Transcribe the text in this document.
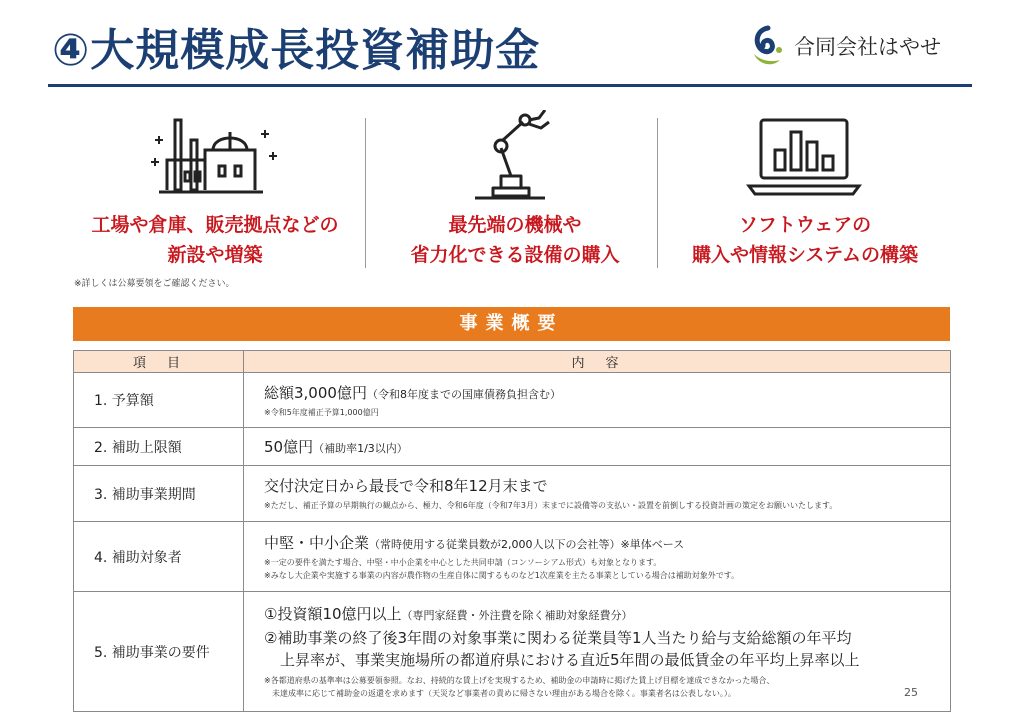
④大規模成長投資補助金	合同会社はやせ
工場や倉庫、販売拠点などの
新設や増築
最先端の機械や
省力化できる設備の購入
ソフトウェアの
購入や情報システムの構築
※詳しくは公募要領をご確認ください。
事業概要
項　目	内　容
1. 予算額	総額3,000億円（令和8年度までの国庫債務負担含む）
※令和5年度補正予算1,000億円

2. 補助上限額	50億円（補助率1/3以内）

3. 補助事業期間	交付決定日から最長で令和8年12月末まで
※ただし、補正予算の早期執行の観点から、極力、令和6年度（令和7年3月）末までに設備等の支払い・設置を前倒しする投資計画の策定をお願いいたします。

4. 補助対象者	中堅・中小企業（常時使用する従業員数が2,000人以下の会社等）※単体ベース
※一定の要件を満たす場合、中堅・中小企業を中心とした共同申請（コンソーシアム形式）も対象となります。
※みなし大企業や実施する事業の内容が農作物の生産自体に関するものなど1次産業を主たる事業としている場合は補助対象外です。

5. 補助事業の要件	①投資額10億円以上（専門家経費・外注費を除く補助対象経費分）
②補助事業の終了後3年間の対象事業に関わる従業員等1人当たり給与支給総額の年平均
上昇率が、事業実施場所の都道府県における直近5年間の最低賃金の年平均上昇率以上
※各都道府県の基準率は公募要領参照。なお、持続的な賃上げを実現するため、補助金の申請時に掲げた賃上げ目標を達成できなかった場合、
　未達成率に応じて補助金の返還を求めます（天災など事業者の責めに帰さない理由がある場合を除く。事業者名は公表しない。）。	25
